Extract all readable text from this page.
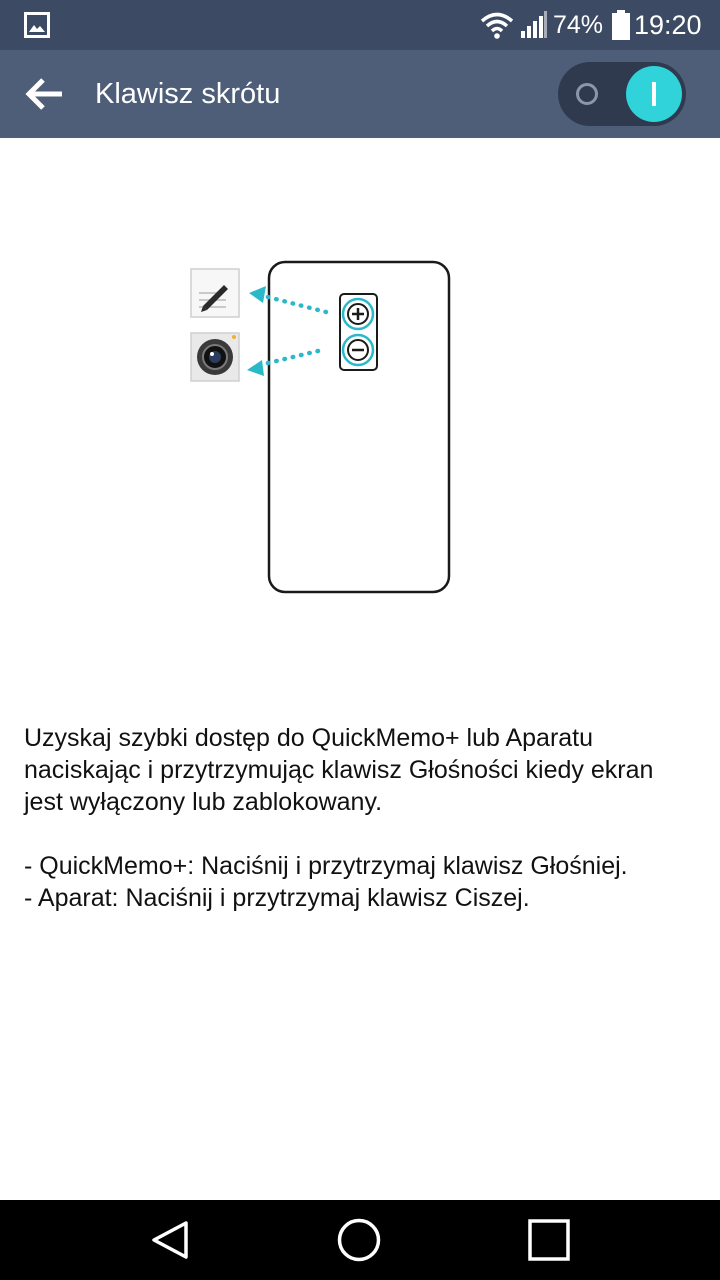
74% 19:20
Klawisz skrótu

Uzyskaj szybki dostęp do QuickMemo+ lub Aparatu naciskając i przytrzymując klawisz Głośności kiedy ekran jest wyłączony lub zablokowany.

- QuickMemo+: Naciśnij i przytrzymaj klawisz Głośniej.

- Aparat: Naciśnij i przytrzymaj klawisz Ciszej.
